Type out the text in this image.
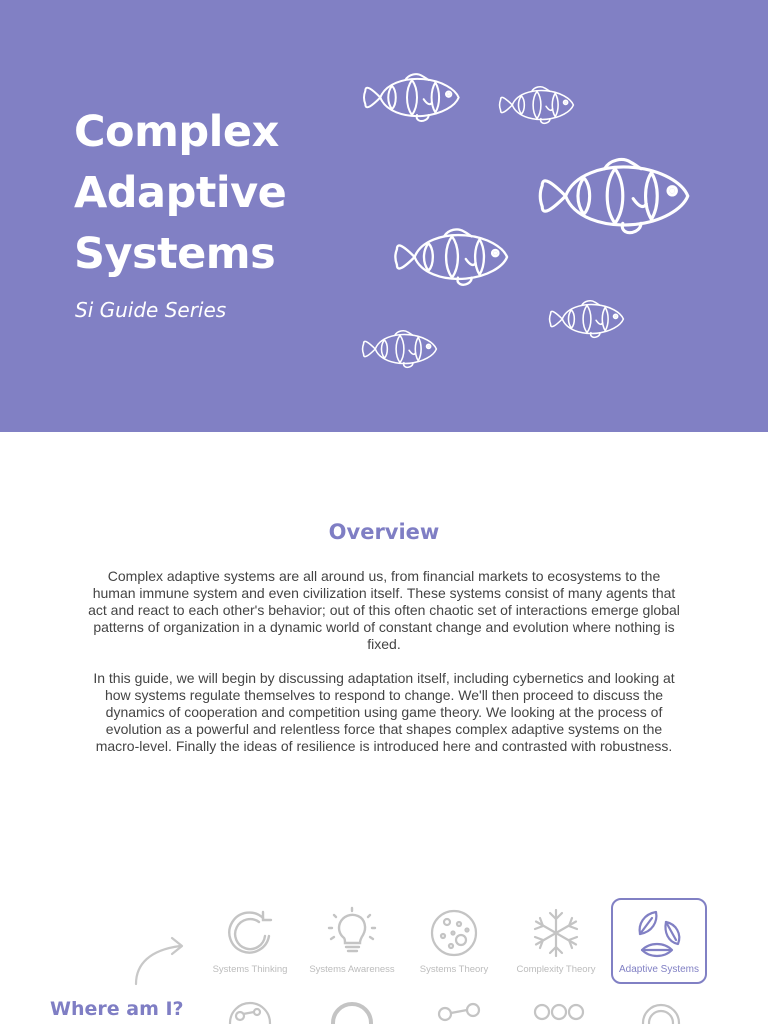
Complex
Adaptive
Systems
Si Guide Series
Overview

Complex adaptive systems are all around us, from financial markets to ecosystems to the human immune system and even civilization itself. These systems consist of many agents that act and react to each other's behavior; out of this often chaotic set of interactions emerge global patterns of organization in a dynamic world of constant change and evolution where nothing is fixed.

In this guide, we will begin by discussing adaptation itself, including cybernetics and looking at how systems regulate themselves to respond to change. We'll then proceed to discuss the dynamics of cooperation and competition using game theory. We looking at the process of evolution as a powerful and relentless force that shapes complex adaptive systems on the macro-level. Finally the ideas of resilience is introduced here and contrasted with robustness.

Where am I?
Systems Thinking Systems Awareness	Systems Theory	Complexity Theory Adaptive Systems
